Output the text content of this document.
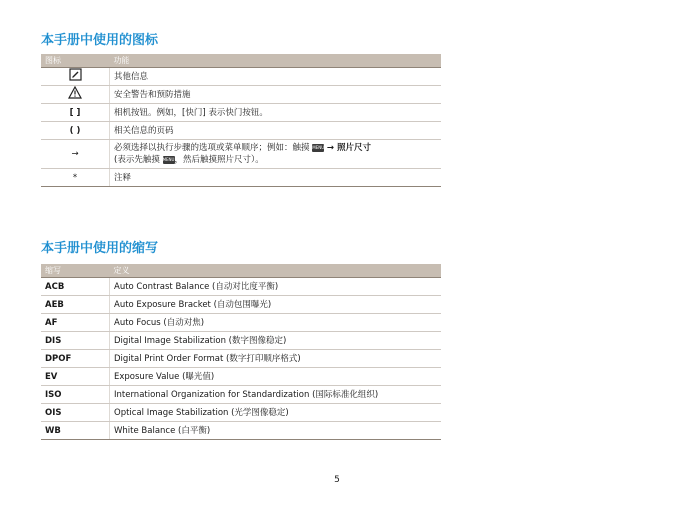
本手册中使用的图标
图标	功能
	其他信息
	安全警告和预防措施
[ ]	相机按钮。例如，[快门] 表示快门按钮。
( )	相关信息的页码
→	必须选择以执行步骤的选项或菜单顺序；例如：触摸 MENU → 照片尺寸
(表示先触摸 MENU，然后触摸照片尺寸）。

*	注释
本手册中使用的缩写
缩写	定义
ACB	Auto Contrast Balance (自动对比度平衡)
AEB	Auto Exposure Bracket (自动包围曝光)
AF	Auto Focus (自动对焦)
DIS	Digital Image Stabilization (数字图像稳定)
DPOF	Digital Print Order Format (数字打印顺序格式)
EV	Exposure Value (曝光值)
ISO	International Organization for Standardization (国际标准化组织)
OIS	Optical Image Stabilization (光学图像稳定)
WB	White Balance (白平衡)
5
